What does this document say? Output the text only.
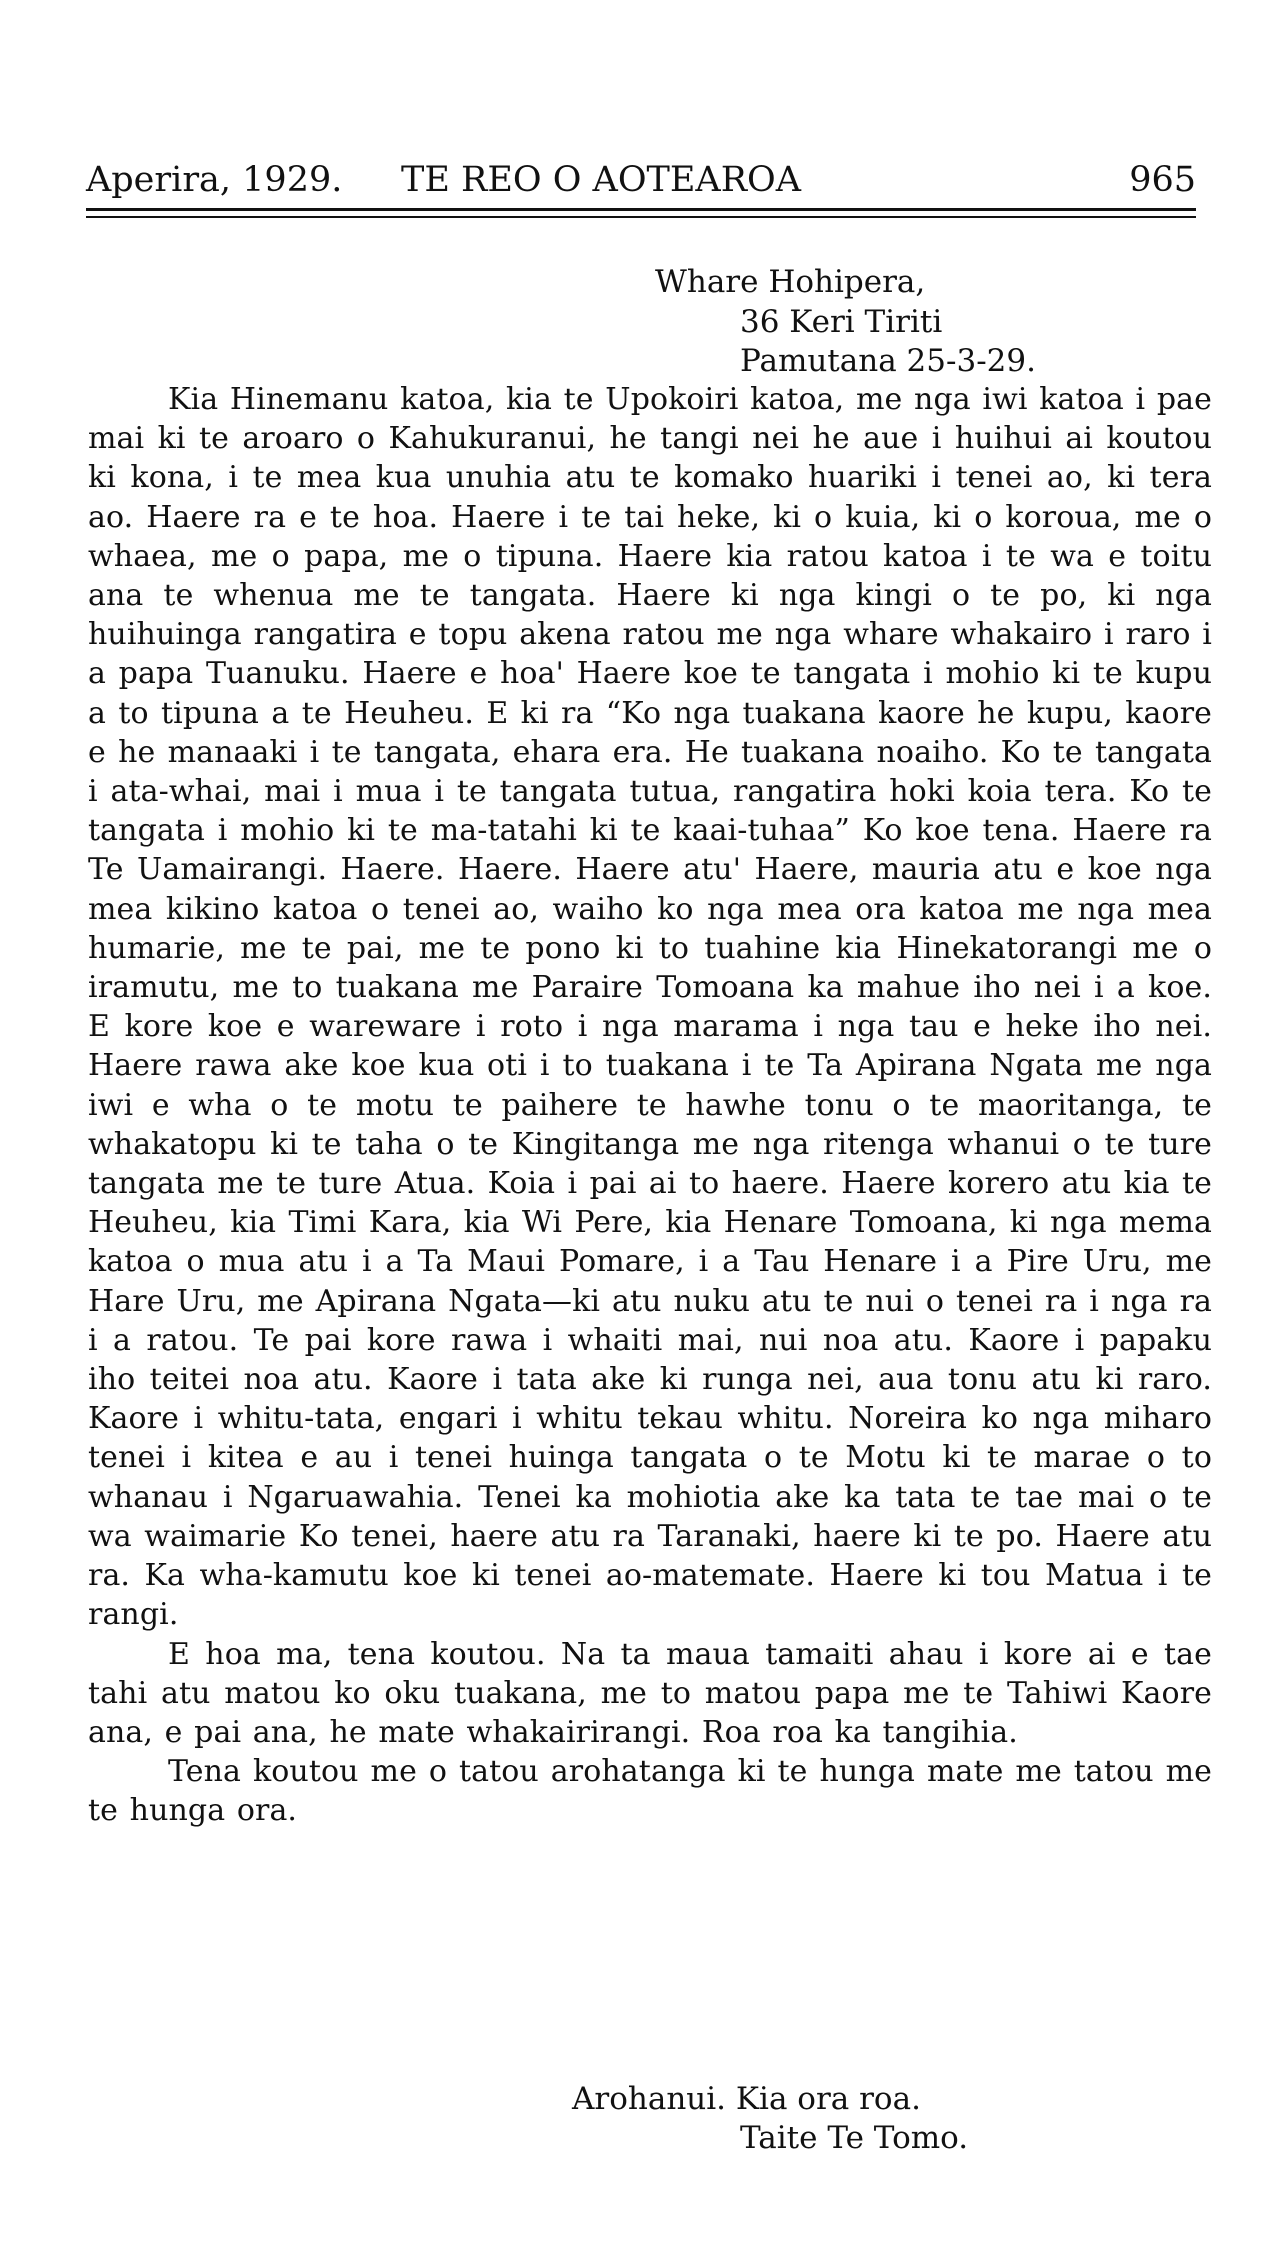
Aperira, 1929. TE REO O AOTEAROA	965
Whare Hohipera,
36 Keri Tiriti
Pamutana 25-3-29.

Kia Hinemanu katoa, kia te Upokoiri katoa, me nga iwi katoa i pae mai ki te aroaro o Kahukuranui, he tangi nei he aue i huihui ai koutou ki kona, i te mea kua unuhia atu te komako huariki i tenei ao, ki tera ao. Haere ra e te hoa. Haere i te tai heke, ki o kuia, ki o koroua, me o whaea, me o papa, me o tipuna. Haere kia ratou katoa i te wa e toitu ana te whenua me te tangata. Haere ki nga kingi o te po, ki nga huihuinga rangatira e topu akena ratou me nga whare whakairo i raro i a papa Tuanuku. Haere e hoa' Haere koe te tangata i mohio ki te kupu a to tipuna a te Heuheu. E ki ra “Ko nga tuakana kaore he kupu, kaore e he manaaki i te tangata, ehara era. He tuakana noaiho. Ko te tangata i ata-whai, mai i mua i te tangata tutua, rangatira hoki koia tera. Ko te tangata i mohio ki te ma-tatahi ki te kaai-tuhaa” Ko koe tena. Haere ra Te Uamairangi. Haere. Haere. Haere atu' Haere, mauria atu e koe nga mea kikino katoa o tenei ao, waiho ko nga mea ora katoa me nga mea humarie, me te pai, me te pono ki to tuahine kia Hinekatorangi me o iramutu, me to tuakana me Paraire Tomoana ka mahue iho nei i a koe. E kore koe e wareware i roto i nga marama i nga tau e heke iho nei. Haere rawa ake koe kua oti i to tuakana i te Ta Apirana Ngata me nga iwi e wha o te motu te paihere te hawhe tonu o te maoritanga, te whakatopu ki te taha o te Kingitanga me nga ritenga whanui o te ture tangata me te ture Atua. Koia i pai ai to haere. Haere korero atu kia te Heuheu, kia Timi Kara, kia Wi Pere, kia Henare Tomoana, ki nga mema katoa o mua atu i a Ta Maui Pomare, i a Tau Henare i a Pire Uru, me Hare Uru, me Apirana Ngata—ki atu nuku atu te nui o tenei ra i nga ra i a ratou. Te pai kore rawa i whaiti mai, nui noa atu. Kaore i papaku iho teitei noa atu. Kaore i tata ake ki runga nei, aua tonu atu ki raro. Kaore i whitu-tata, engari i whitu tekau whitu. Noreira ko nga miharo tenei i kitea e au i tenei huinga tangata o te Motu ki te marae o to whanau i Ngaruawahia. Tenei ka mohiotia ake ka tata te tae mai o te wa waimarie Ko tenei, haere atu ra Taranaki, haere ki te po. Haere atu ra. Ka wha-kamutu koe ki tenei ao-matemate. Haere ki tou Matua i te rangi.

E hoa ma, tena koutou. Na ta maua tamaiti ahau i kore ai e tae tahi atu matou ko oku tuakana, me to matou papa me te Tahiwi Kaore ana, e pai ana, he mate whakairirangi. Roa roa ka tangihia.

Tena koutou me o tatou arohatanga ki te hunga mate me tatou me te hunga ora.

Arohanui. Kia ora roa.
Taite Te Tomo.
